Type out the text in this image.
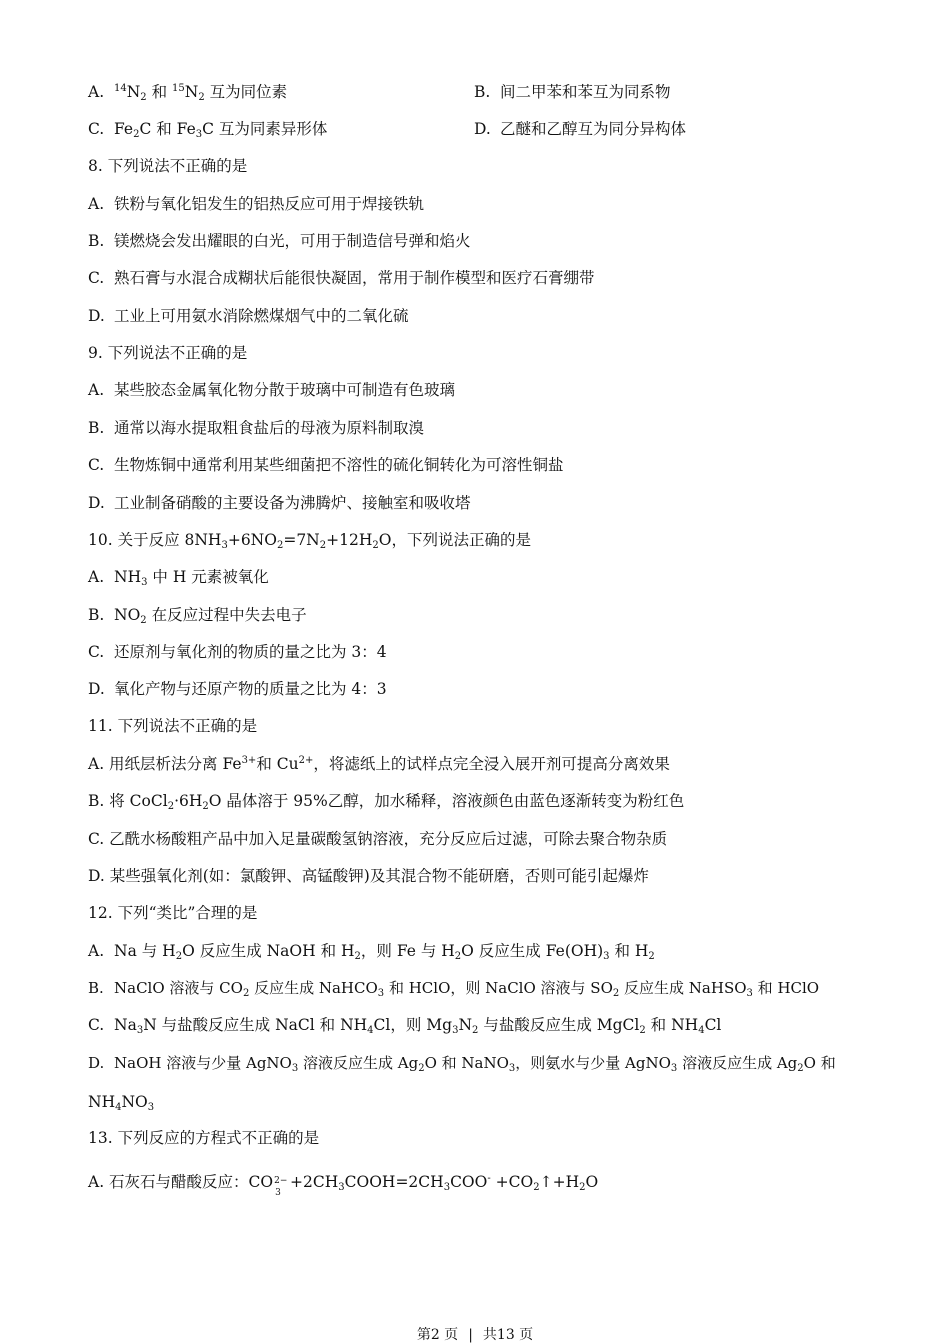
A. $^{14}N_2$ 和 $^{15}N_2$ 互为同位素	B. 间二甲苯和苯互为同系物
C. $Fe_2C$ 和 $Fe_3C$ 互为同素异形体	D. 乙醚和乙醇互为同分异构体
8. 下列说法不正确的是
A. 铁粉与氧化铝发生的铝热反应可用于焊接铁轨
B. 镁燃烧会发出耀眼的白光，可用于制造信号弹和焰火
C. 熟石膏与水混合成糊状后能很快凝固，常用于制作模型和医疗石膏绷带
D. 工业上可用氨水消除燃煤烟气中的二氧化硫
9. 下列说法不正确的是
A. 某些胶态金属氧化物分散于玻璃中可制造有色玻璃
B. 通常以海水提取粗食盐后的母液为原料制取溴
C. 生物炼铜中通常利用某些细菌把不溶性的硫化铜转化为可溶性铜盐
D. 工业制备硝酸的主要设备为沸腾炉、接触室和吸收塔
10. 关于反应 $8NH_3+6NO_2=7N_2+12H_2O$，下列说法正确的是
A. $NH_3$ 中 H 元素被氧化
B. $NO_2$ 在反应过程中失去电子
C. 还原剂与氧化剂的物质的量之比为 3：4
D. 氧化产物与还原产物的质量之比为 4：3
11. 下列说法不正确的是
A. 用纸层析法分离 $Fe^{3+}$和 $Cu^{2+}$，将滤纸上的试样点完全浸入展开剂可提高分离效果
B. 将 $CoCl_2\cdot 6H_2O$ 晶体溶于 95%乙醇，加水稀释，溶液颜色由蓝色逐渐转变为粉红色
C. 乙酰水杨酸粗产品中加入足量碳酸氢钠溶液，充分反应后过滤，可除去聚合物杂质
D. 某些强氧化剂(如：氯酸钾、高锰酸钾)及其混合物不能研磨，否则可能引起爆炸
12. 下列“类比”合理的是
A. Na 与 $H_2O$ 反应生成 NaOH 和 $H_2$，则 Fe 与 $H_2O$ 反应生成 $Fe(OH)_3$ 和 $H_2$
B. NaClO 溶液与 $CO_2$ 反应生成 NaHCO$_3$ 和 HClO，则 NaClO 溶液与 $SO_2$ 反应生成 NaHSO$_3$ 和 HClO
C. $Na_3N$ 与盐酸反应生成 NaCl 和 $NH_4Cl$，则 $Mg_3N_2$ 与盐酸反应生成 MgCl$_2$ 和 $NH_4Cl$
D. NaOH 溶液与少量 AgNO$_3$ 溶液反应生成 $Ag_2O$ 和 NaNO$_3$，则氨水与少量 AgNO$_3$ 溶液反应生成 $Ag_2O$ 和
$NH_4NO_3$
13. 下列反应的方程式不正确的是
A. 石灰石与醋酸反应：CO 2−
3
$+2CH_3COOH=2CH_3COO^-$ $+CO_2↑+H_2O$
第2 页 | 共13 页
